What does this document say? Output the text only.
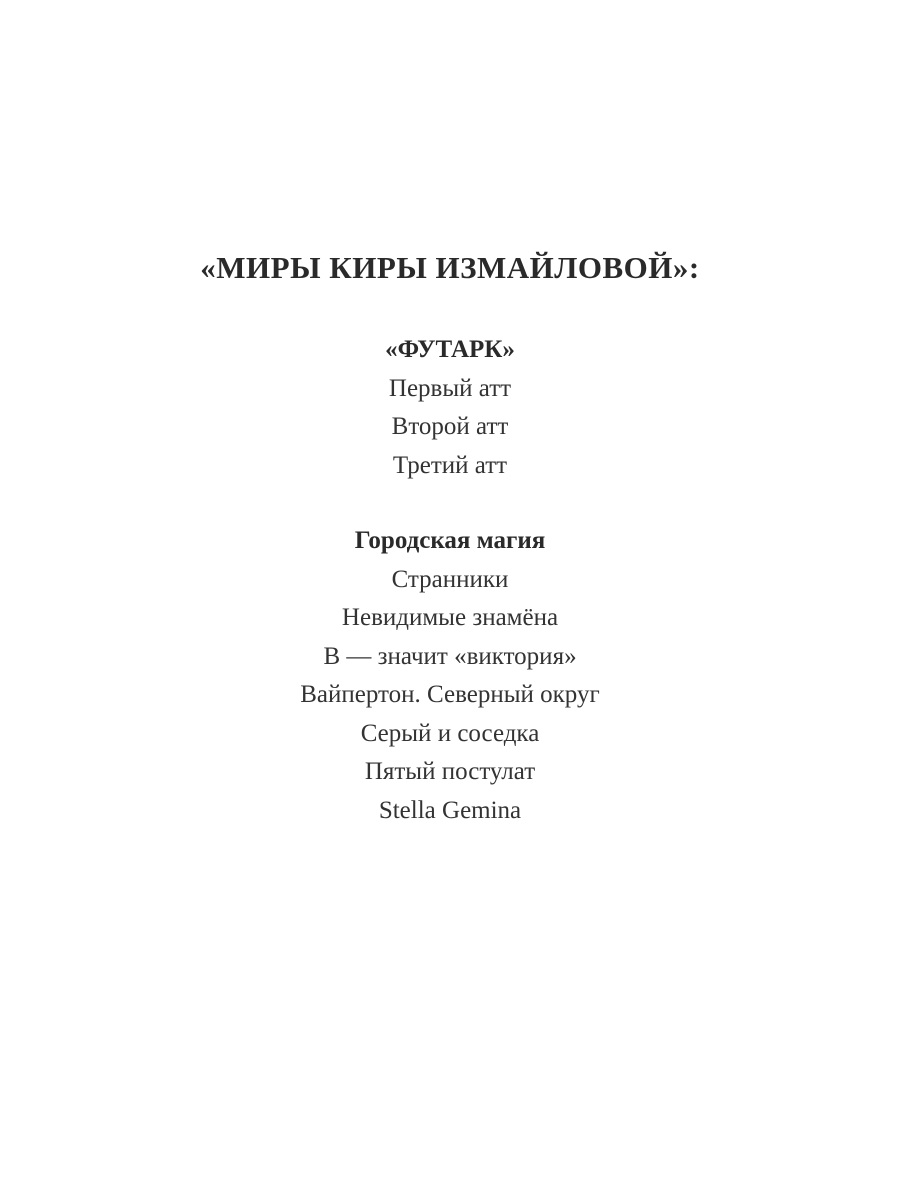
«МИРЫ КИРЫ ИЗМАЙЛОВОЙ»:
«ФУТАРК»
Первый атт
Второй атт
Третий атт
Городская магия
Странники
Невидимые знамёна
В — значит «виктория»
Вайпертон. Северный округ
Серый и соседка
Пятый постулат
Stella Gemina
